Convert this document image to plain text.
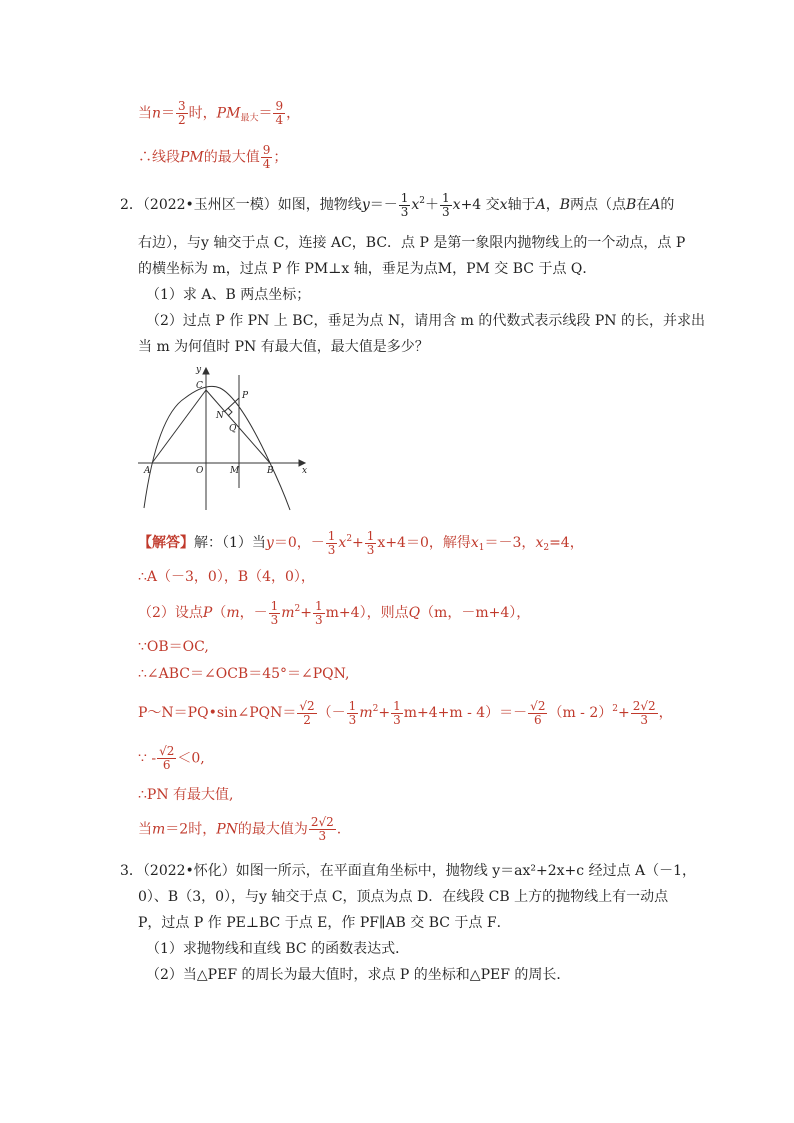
当$n= \frac{3}{2}$ 时，$PM_{最大}= \frac{9}{4}$ ，
∴线段PM的最大值 $\frac{9}{4}$ ；
2．（2022•玉州区一模）如图，抛物线$y=- \frac{1}{3} x^2+ \frac{1}{3} x+4$ 交x轴于A，B两点（点B在A的
右边），与y 轴交于点 C，连接 AC，BC．点 P 是第一象限内抛物线上的一个动点，点 P
的横坐标为 m，过点 P 作 PM⊥x 轴，垂足为点M，PM 交 BC 于点 Q．
（1）求 A、B 两点坐标；
（2）过点 P 作 PN 上 BC，垂足为点 N，请用含 m 的代数式表示线段 PN 的长，并求出
当 m 为何值时 PN 有最大值，最大值是多少？
y
C
P
N
Q
A	O	M	B	x
【解答】解：（1）当y＝0，－ $\frac{1}{3} x^2+ \frac{1}{3} x+4=0$，解得$x_1=-3$，$x_2=4$，
∴A（－3，0），B（4，0），
（2）设点P（m，－ $\frac{1}{3} m^2+ \frac{1}{3} m+4$），则点Q（m，－m+4），
∵OB＝OC,
∴∠ABC＝∠OCB＝45°＝∠PQN,
P～N＝PQ•sin∠PQN＝ $\frac{√2}{2}$ （－ $\frac{1}{3} m^2+ \frac{1}{3} m+4+m - 4)=- \frac{√2}{6} (m - 2)^2+ \frac{2√2}{3}$ ，
∵ - $\frac{√2}{6} <0$,
∴PN 有最大值,
当m＝2时，PN的最大值为 $\frac{2√2}{3}$ .
3．（2022•怀化）如图一所示，在平面直角坐标中，抛物线 y＝ax²+2x+c 经过点 A（－1，
0）、B（3，0），与y 轴交于点 C，顶点为点 D．在线段 CB 上方的抛物线上有一动点
P，过点 P 作 PE⊥BC 于点 E，作 PF∥AB 交 BC 于点 F．
（1）求抛物线和直线 BC 的函数表达式．
（2）当△PEF 的周长为最大值时，求点 P 的坐标和△PEF 的周长．
